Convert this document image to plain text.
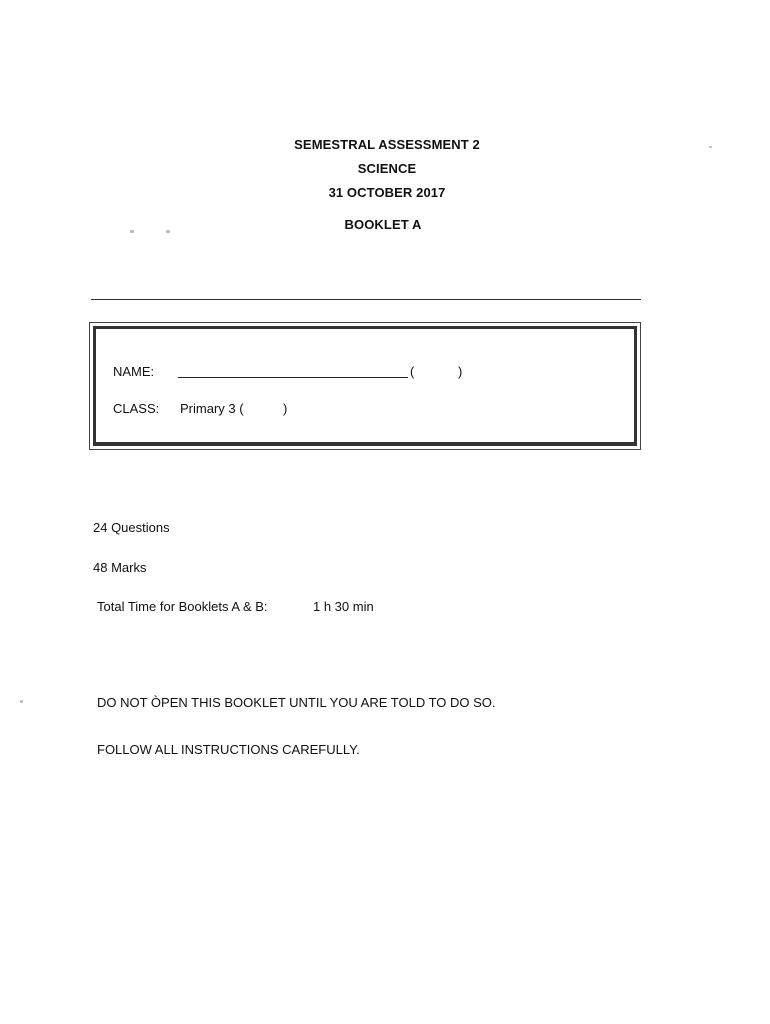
SEMESTRAL ASSESSMENT 2
SCIENCE
31 OCTOBER 2017
BOOKLET A
NAME:	(	)
CLASS: Primary 3 (	)
24 Questions
48 Marks
Total Time for Booklets A & B:	1 h 30 min
DO NOT ÒPEN THIS BOOKLET UNTIL YOU ARE TOLD TO DO SO.
FOLLOW ALL INSTRUCTIONS CAREFULLY.
